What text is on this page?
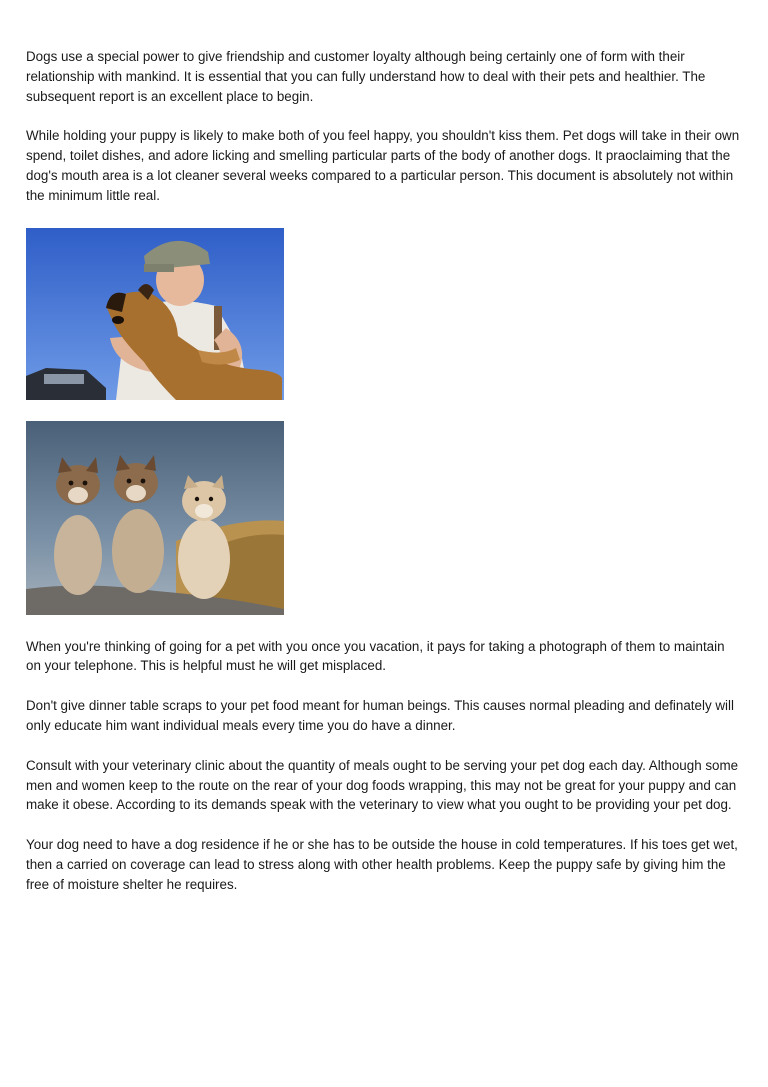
Dogs use a special power to give friendship and customer loyalty although being certainly one of form with their relationship with mankind. It is essential that you can fully understand how to deal with their pets and healthier. The subsequent report is an excellent place to begin.

While holding your puppy is likely to make both of you feel happy, you shouldn't kiss them. Pet dogs will take in their own spend, toilet dishes, and adore licking and smelling particular parts of the body of another dogs. It praoclaiming that the dog's mouth area is a lot cleaner several weeks compared to a particular person. This document is absolutely not within the minimum little real.

When you're thinking of going for a pet with you once you vacation, it pays for taking a photograph of them to maintain on your telephone. This is helpful must he will get misplaced.

Don't give dinner table scraps to your pet food meant for human beings. This causes normal pleading and definately will only educate him want individual meals every time you do have a dinner.

Consult with your veterinary clinic about the quantity of meals ought to be serving your pet dog each day. Although some men and women keep to the route on the rear of your dog foods wrapping, this may not be great for your puppy and can make it obese. According to its demands speak with the veterinary to view what you ought to be providing your pet dog.

Your dog need to have a dog residence if he or she has to be outside the house in cold temperatures. If his toes get wet, then a carried on coverage can lead to stress along with other health problems. Keep the puppy safe by giving him the free of moisture shelter he requires.
